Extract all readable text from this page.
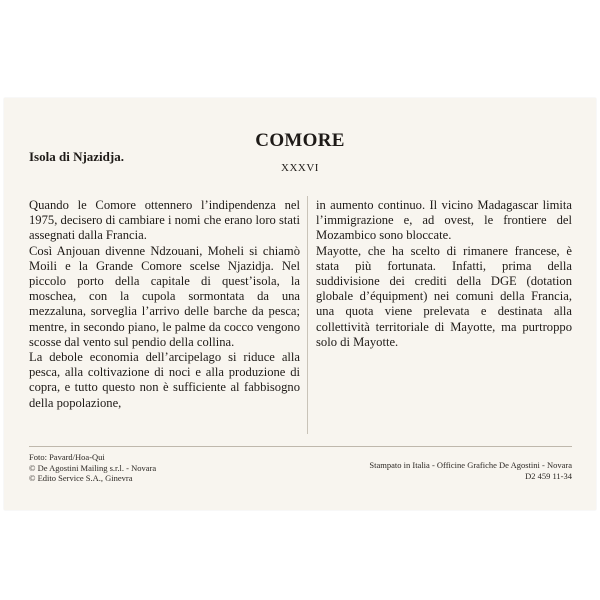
COMORE
XXXVI
Isola di Njazidja.

Quando le Comore ottennero l’indipendenza nel 1975, decisero di cambiare i nomi che erano loro stati assegnati dalla Francia.

Così Anjouan divenne Ndzouani, Moheli si chiamò Moili e la Grande Comore scelse Njazidja. Nel piccolo porto della capitale di quest’isola, la moschea, con la cupola sormontata da una mezzaluna, sorveglia l’arrivo delle barche da pesca; mentre, in secondo piano, le palme da cocco vengono scosse dal vento sul pendio della collina.

La debole economia dell’arcipelago si riduce alla pesca, alla coltivazione di noci e alla produzione di copra, e tutto questo non è sufficiente al fabbisogno della popolazione,

in aumento continuo. Il vicino Madagascar limita l’immigrazione e, ad ovest, le frontiere del Mozambico sono bloccate.

Mayotte, che ha scelto di rimanere francese, è stata più fortunata. Infatti, prima della suddivisione dei crediti della DGE (dotation globale d’équipment) nei comuni della Francia, una quota viene prelevata e destinata alla collettività territoriale di Mayotte, ma purtroppo solo di Mayotte.

Foto: Pavard/Hoa-Qui
© De Agostini Mailing s.r.l. - Novara
© Edito Service S.A., Ginevra
Stampato in Italia - Officine Grafiche De Agostini - Novara
D2 459 11-34
